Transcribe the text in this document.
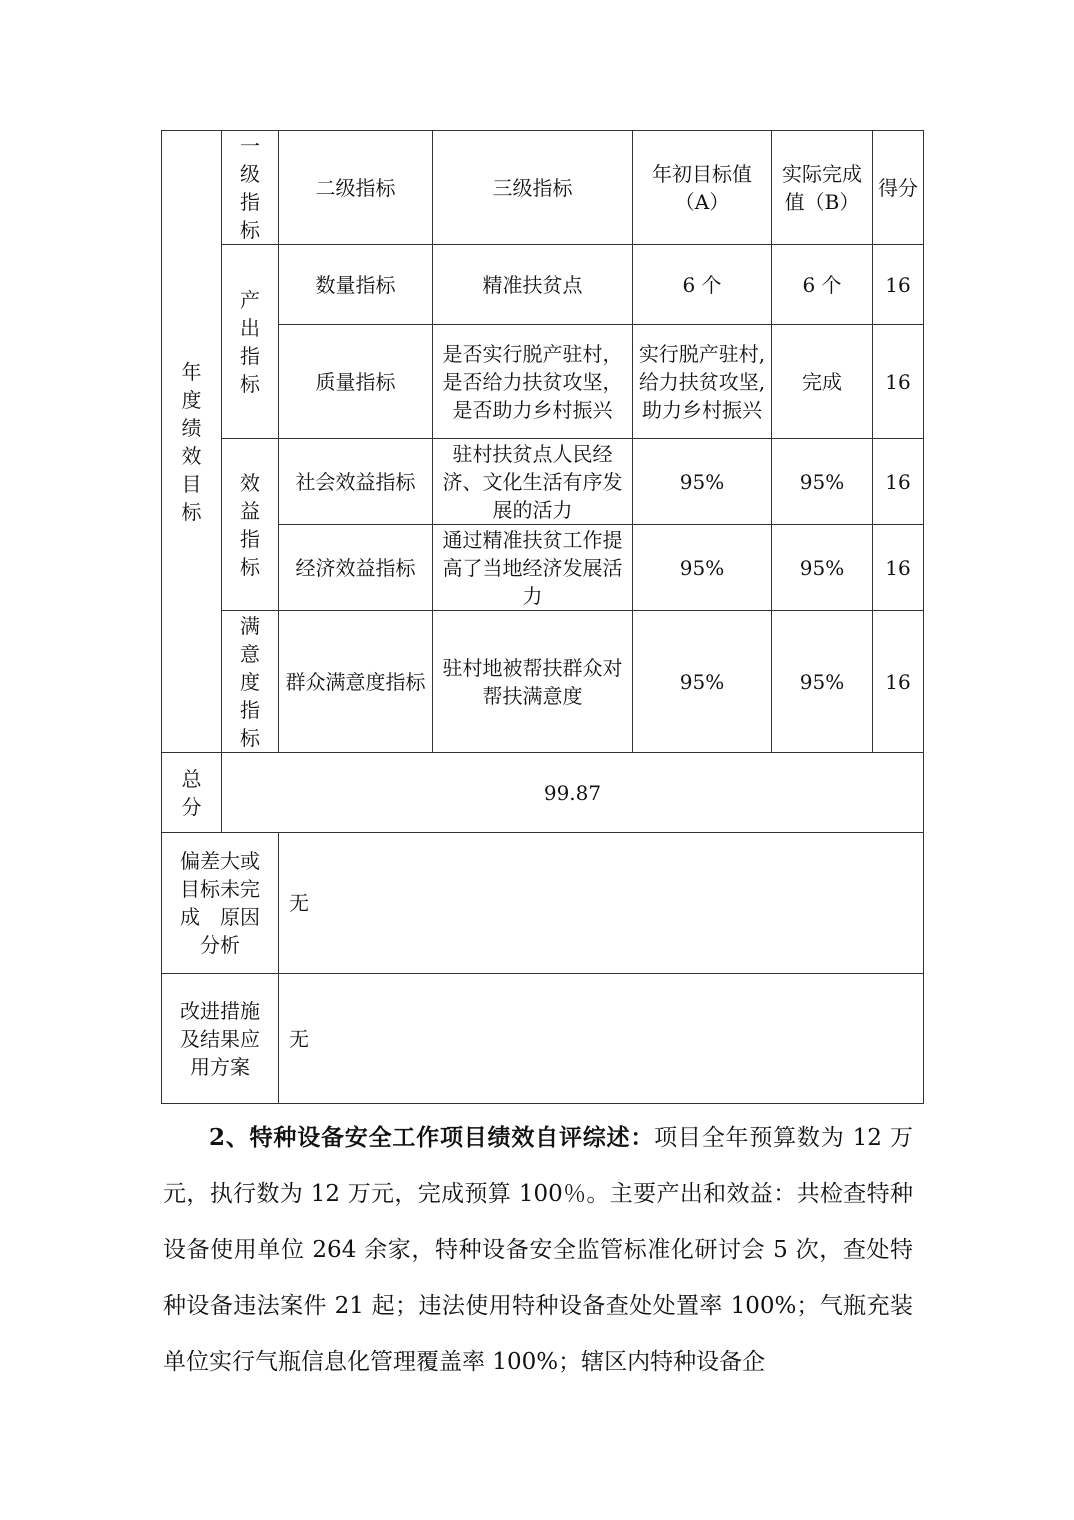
年度绩效目标	一级指标	二级指标	三级指标	年初目标值（A）	实际完成值（B）	得分

	产出指标	数量指标	精准扶贫点	6 个	6 个	16
		质量指标	是否实行脱产驻村，是否给力扶贫攻坚，是否助力乡村振兴	实行脱产驻村,给力扶贫攻坚,助力乡村振兴	完成	16

	效益指标	社会效益指标	驻村扶贫点人民经济、文化生活有序发展的活力	95%	95%	16
		经济效益指标	通过精准扶贫工作提高了当地经济发展活力	95%	95%	16

	满意度指标	群众满意度指标	驻村地被帮扶群众对帮扶满意度	95%	95%	16

总分	99.87					
偏差大或目标未完成　原因分析		无				
改进措施及结果应用方案		无				
2、特种设备安全工作项目绩效自评综述：项目全年预算数为 12 万元，执行数为 12 万元，完成预算 100％。主要产出和效益：共检查特种设备使用单位 264 余家，特种设备安全监管标准化研讨会 5 次，查处特种设备违法案件 21 起；违法使用特种设备查处处置率 100%；气瓶充装单位实行气瓶信息化管理覆盖率 100%；辖区内特种设备企
